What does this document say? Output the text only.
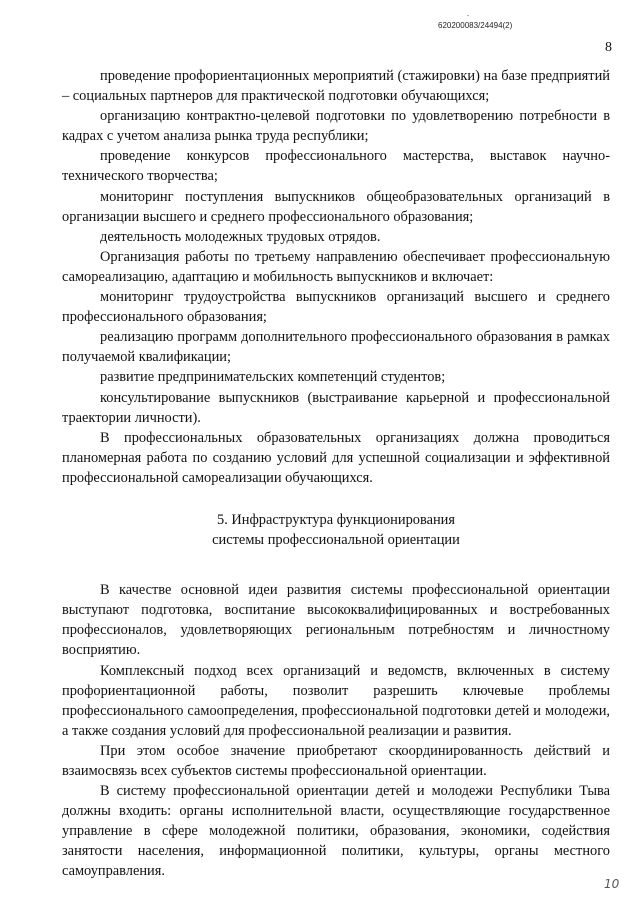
.
620200083/24494(2)
8

проведение профориентационных мероприятий (стажировки) на базе предприятий – социальных партнеров для практической подготовки обучающихся;

организацию контрактно-целевой подготовки по удовлетворению потребности в кадрах с учетом анализа рынка труда республики;

проведение конкурсов профессионального мастерства, выставок научно-технического творчества;

мониторинг поступления выпускников общеобразовательных организаций в организации высшего и среднего профессионального образования;

деятельность молодежных трудовых отрядов.

Организация работы по третьему направлению обеспечивает профессиональную самореализацию, адаптацию и мобильность выпускников и включает:

мониторинг трудоустройства выпускников организаций высшего и среднего профессионального образования;

реализацию программ дополнительного профессионального образования в рамках получаемой квалификации;

развитие предпринимательских компетенций студентов;

консультирование выпускников (выстраивание карьерной и профессиональной траектории личности).

В профессиональных образовательных организациях должна проводиться планомерная работа по созданию условий для успешной социализации и эффективной профессиональной самореализации обучающихся.

5. Инфраструктура функционирования

системы профессиональной ориентации

В качестве основной идеи развития системы профессиональной ориентации выступают подготовка, воспитание высококвалифицированных и востребованных профессионалов, удовлетворяющих региональным потребностям и личностному восприятию.

Комплексный подход всех организаций и ведомств, включенных в систему профориентационной работы, позволит разрешить ключевые проблемы профессионального самоопределения, профессиональной подготовки детей и молодежи, а также создания условий для профессиональной реализации и развития.

При этом особое значение приобретают скоординированность действий и взаимосвязь всех субъектов системы профессиональной ориентации.

В систему профессиональной ориентации детей и молодежи Республики Тыва должны входить: органы исполнительной власти, осуществляющие государственное управление в сфере молодежной политики, образования, экономики, содействия занятости населения, информационной политики, культуры, органы местного самоуправления.

10
